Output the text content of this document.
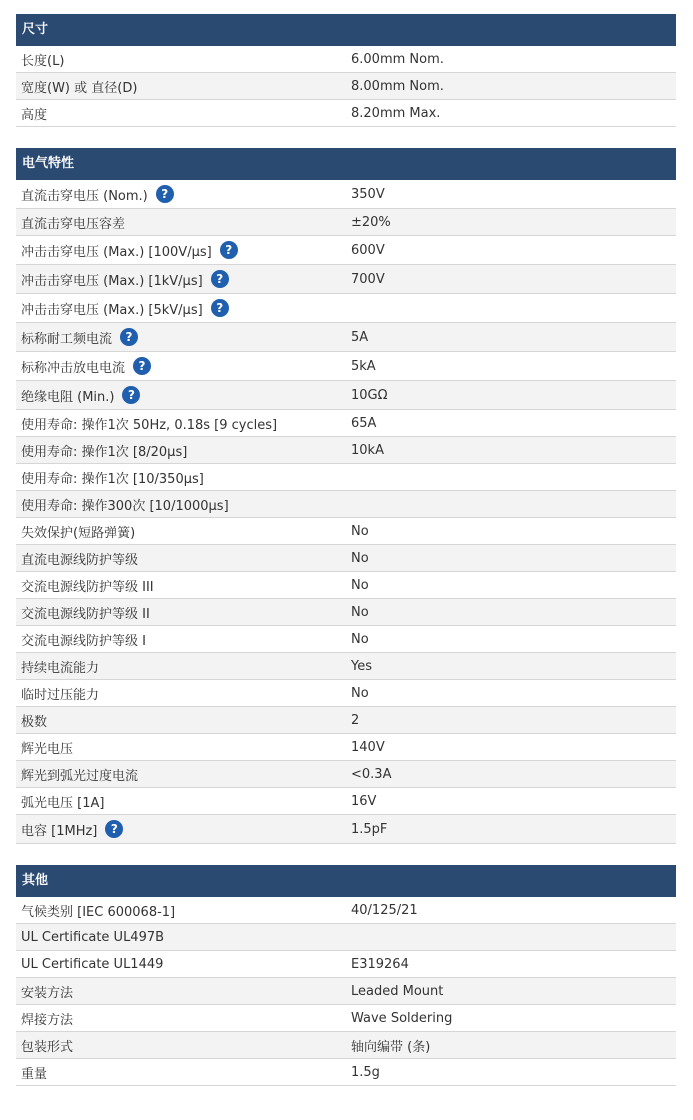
尺寸
长度(L)	6.00mm Nom.
宽度(W) 或 直径(D)	8.00mm Nom.
高度	8.20mm Max.
电气特性
直流击穿电压 (Nom.)	?	350V
直流击穿电压容差	±20%
冲击击穿电压 (Max.) [100V/µs]	?	600V
冲击击穿电压 (Max.) [1kV/µs]	?	700V
冲击击穿电压 (Max.) [5kV/µs]	?
标称耐工频电流	?	5A
标称冲击放电电流	?	5kA
绝缘电阻 (Min.)	?	10GΩ
使用寿命: 操作1次 50Hz, 0.18s [9 cycles]	65A
使用寿命: 操作1次 [8/20µs]	10kA
使用寿命: 操作1次 [10/350µs]
使用寿命: 操作300次 [10/1000µs]
失效保护(短路弹簧)	No
直流电源线防护等级	No
交流电源线防护等级 III	No
交流电源线防护等级 II	No
交流电源线防护等级 I	No
持续电流能力	Yes
临时过压能力	No
极数	2
辉光电压	140V
辉光到弧光过度电流	<0.3A
弧光电压 [1A]	16V
电容 [1MHz]	?	1.5pF
其他
气候类别 [IEC 600068-1]	40/125/21
UL Certificate UL497B
UL Certificate UL1449	E319264
安装方法	Leaded Mount
焊接方法	Wave Soldering
包装形式	轴向编带 (条)
重量	1.5g
